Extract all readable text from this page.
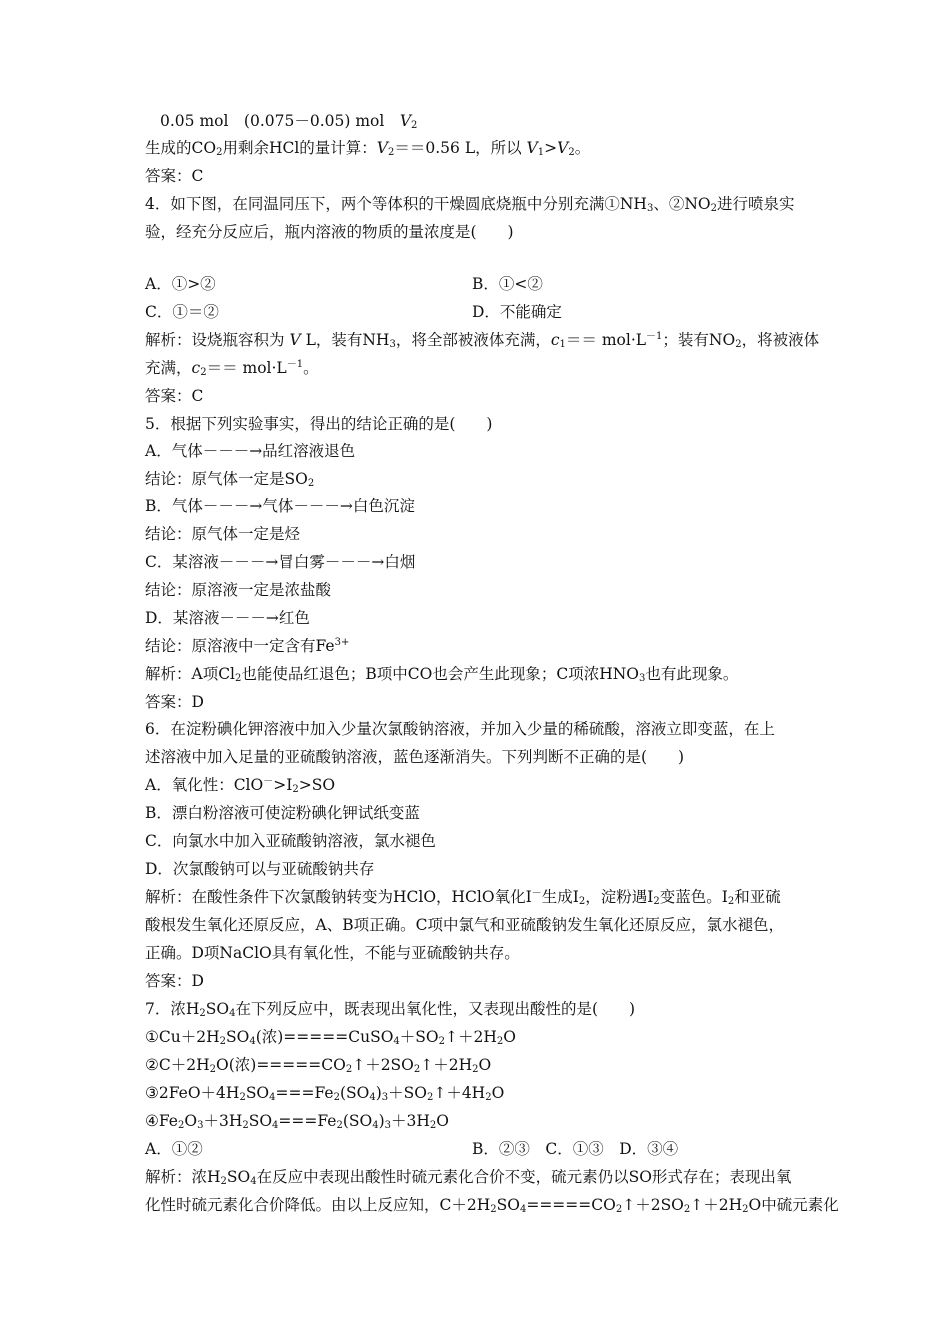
0.05 mol　(0.075－0.05) mol　$V_2$
生成的$CO_2$用剩余HCl的量计算：$V_2==0.56$ L，所以 $V_1>V_2$。
答案：C
4．如下图，在同温同压下，两个等体积的干燥圆底烧瓶中分别充满$①NH_3$、$②NO_2$进行喷泉实
验，经充分反应后，瓶内溶液的物质的量浓度是(　　)
A．①>②	B．①<②
C．①＝②	D．不能确定
解析：设烧瓶容积为 V L，装有$NH_3$，将全部被液体充满，$c_1== mol\cdot L^{-1}$；装有$NO_2$，将被液体
充满，$c_2== mol\cdot L^{-1}$。
答案：C
5．根据下列实验事实，得出的结论正确的是(　　)
A．气体－－－→品红溶液退色
结论：原气体一定是$SO_2$
B．气体－－－→气体－－－→白色沉淀
结论：原气体一定是烃
C．某溶液－－－→冒白雾－－－→白烟
结论：原溶液一定是浓盐酸
D．某溶液－－－→红色
结论：原溶液中一定含有$Fe^{3+}$
解析：A项$Cl_2$也能使品红退色；B项中CO也会产生此现象；C项浓$HNO_3$也有此现象。
答案：D
6．在淀粉碘化钾溶液中加入少量次氯酸钠溶液，并加入少量的稀硫酸，溶液立即变蓝，在上
述溶液中加入足量的亚硫酸钠溶液，蓝色逐渐消失。下列判断不正确的是(　　)
A．氧化性：$ClO^->I_2>SO$
B．漂白粉溶液可使淀粉碘化钾试纸变蓝
C．向氯水中加入亚硫酸钠溶液，氯水褪色
D．次氯酸钠可以与亚硫酸钠共存
解析：在酸性条件下次氯酸钠转变为HClO，HClO氧化I－生成$I_2$，淀粉遇$I_2$变蓝色。$I_2$和亚硫
酸根发生氧化还原反应，A、B项正确。C项中氯气和亚硫酸钠发生氧化还原反应，氯水褪色，
正确。D项NaClO具有氧化性，不能与亚硫酸钠共存。
答案：D
7．浓$H_2SO_4$在下列反应中，既表现出氧化性，又表现出酸性的是(　　)
$①Cu+2H_2SO_4$(浓)$=====CuSO_4+SO_2↑+2H_2O$
$②C+2H_2O$(浓)$=====CO_2↑+2SO_2↑+2H_2O$
$③2FeO+4H_2SO_4===Fe_2(SO_4)_3+SO_2↑+4H_2O$
$④Fe_2O_3+3H_2SO_4===Fe_2(SO_4)_3+3H_2O$
A．①②	B．②③　C．①③　D．③④
解析：浓$H_2SO_4$在反应中表现出酸性时硫元素化合价不变，硫元素仍以SO形式存在；表现出氧
化性时硫元素化合价降低。由以上反应知，$C+2H_2SO_4=====CO_2↑+2SO_2↑+2H_2O$中硫元素化
